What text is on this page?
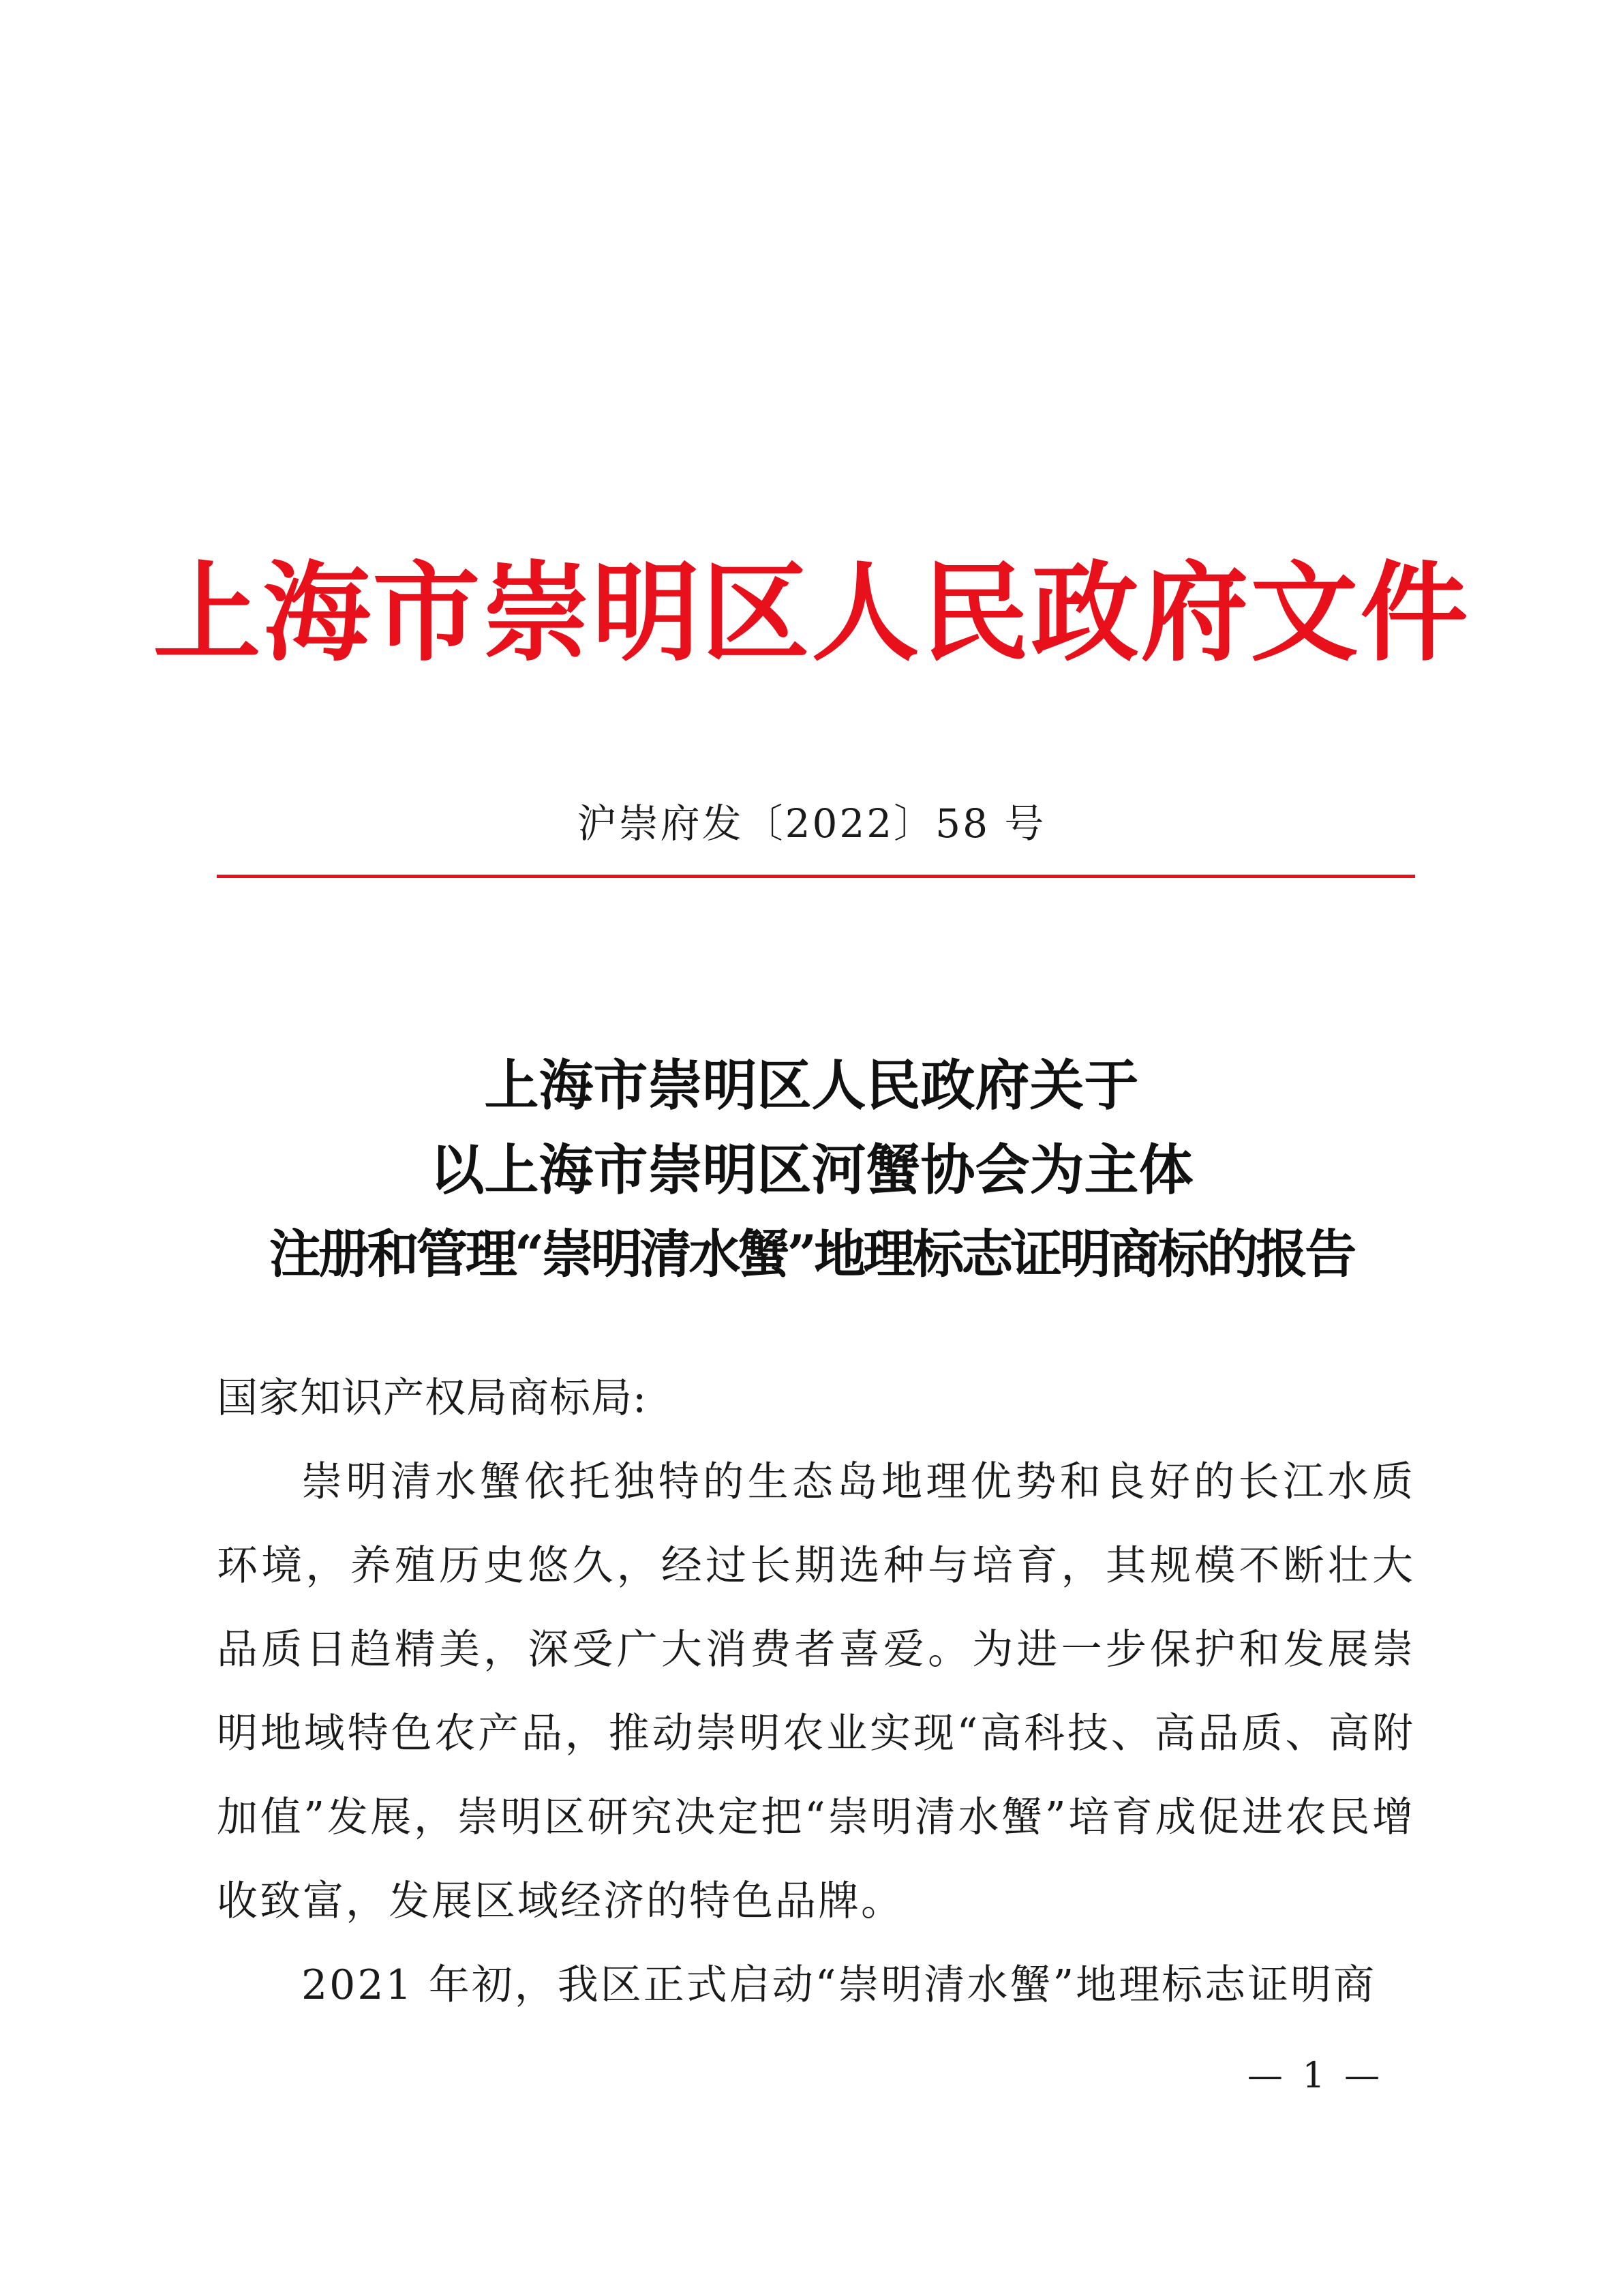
上海市崇明区人民政府文件
沪崇府发〔2022〕58 号
上海市崇明区人民政府关于
以上海市崇明区河蟹协会为主体
注册和管理“崇明清水蟹”地理标志证明商标的报告

国家知识产权局商标局:

崇明清水蟹依托独特的生态岛地理优势和良好的长江水质环境，养殖历史悠久，经过长期选种与培育，其规模不断壮大品质日趋精美，深受广大消费者喜爱。为进一步保护和发展崇明地域特色农产品，推动崇明农业实现“高科技、高品质、高附加值”发展，崇明区研究决定把“崇明清水蟹”培育成促进农民增收致富，发展区域经济的特色品牌。

2021 年初，我区正式启动“崇明清水蟹”地理标志证明商

— 1 —
